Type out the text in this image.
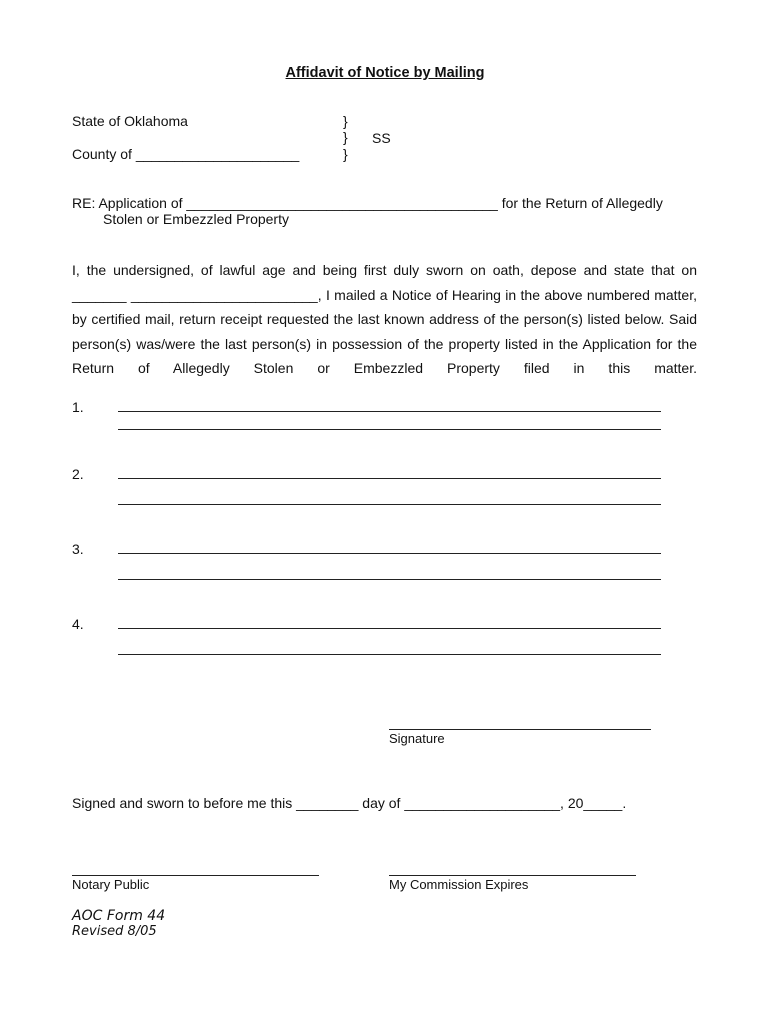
Affidavit of Notice by Mailing
State of Oklahoma
County of _____________________
}
}
}
SS
RE: Application of ________________________________________ for the Return of Allegedly
Stolen or Embezzled Property
I, the undersigned, of lawful age and being first duly sworn on oath, depose and state that on _______ ________________________, I mailed a Notice of Hearing in the above numbered matter, by certified mail, return receipt requested the last known address of the person(s) listed below. Said person(s) was/were the last person(s) in possession of the property listed in the Application for the Return of Allegedly Stolen or Embezzled Property filed in this matter.
1.
2.
3.
4.
Signature
Signed and sworn to before me this ________ day of ____________________, 20_____.
Notary Public	My Commission Expires
AOC Form 44
Revised 8/05
